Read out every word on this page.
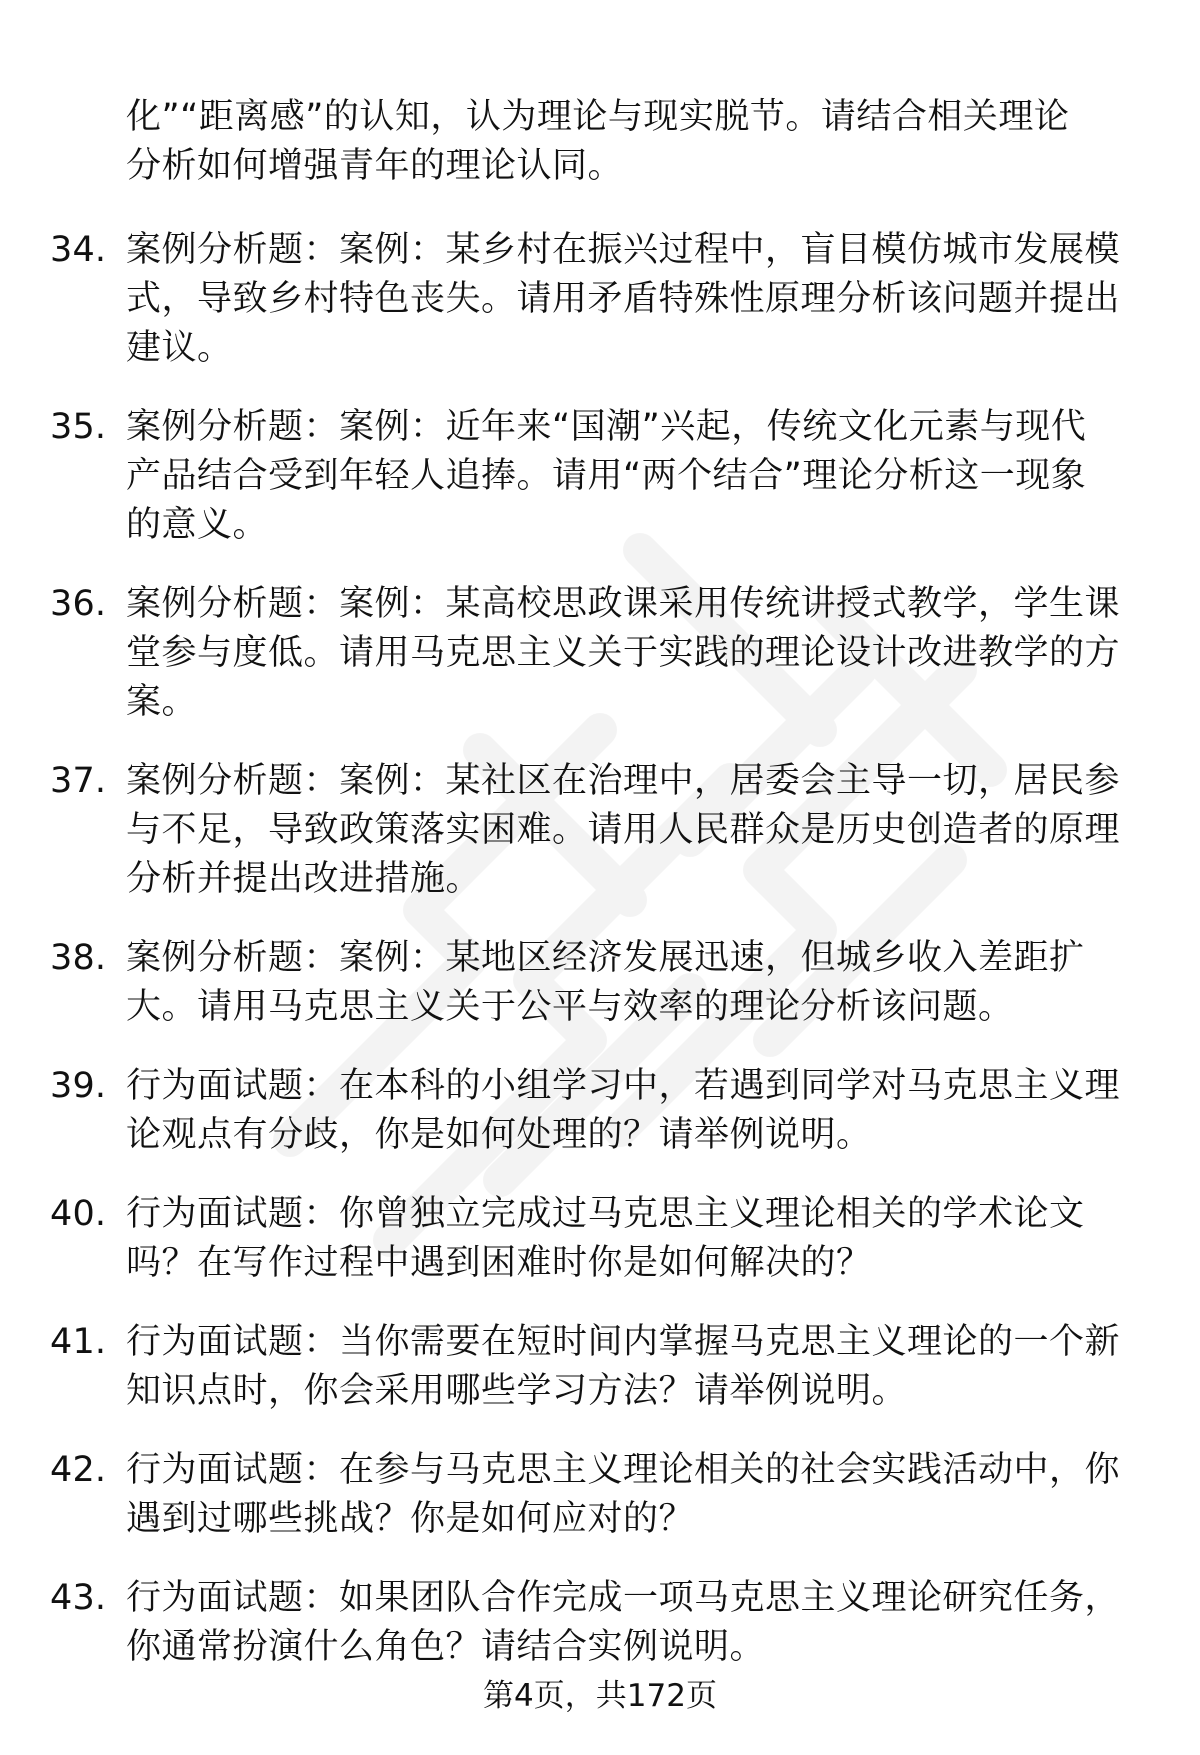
化”“距离感”的认知，认为理论与现实脱节。请结合相关理论
分析如何增强青年的理论认同。

34. 案例分析题：案例：某乡村在振兴过程中，盲目模仿城市发展模
式，导致乡村特色丧失。请用矛盾特殊性原理分析该问题并提出
建议。
35. 案例分析题：案例：近年来“国潮”兴起，传统文化元素与现代
产品结合受到年轻人追捧。请用“两个结合”理论分析这一现象
的意义。
36. 案例分析题：案例：某高校思政课采用传统讲授式教学，学生课
堂参与度低。请用马克思主义关于实践的理论设计改进教学的方
案。
37. 案例分析题：案例：某社区在治理中，居委会主导一切，居民参
与不足，导致政策落实困难。请用人民群众是历史创造者的原理
分析并提出改进措施。
38. 案例分析题：案例：某地区经济发展迅速，但城乡收入差距扩
大。请用马克思主义关于公平与效率的理论分析该问题。
39. 行为面试题：在本科的小组学习中，若遇到同学对马克思主义理
论观点有分歧，你是如何处理的？请举例说明。
40. 行为面试题：你曾独立完成过马克思主义理论相关的学术论文
吗？在写作过程中遇到困难时你是如何解决的？
41. 行为面试题：当你需要在短时间内掌握马克思主义理论的一个新
知识点时，你会采用哪些学习方法？请举例说明。
42. 行为面试题：在参与马克思主义理论相关的社会实践活动中，你
遇到过哪些挑战？你是如何应对的？
43. 行为面试题：如果团队合作完成一项马克思主义理论研究任务，
你通常扮演什么角色？请结合实例说明。
第4页，共172页
